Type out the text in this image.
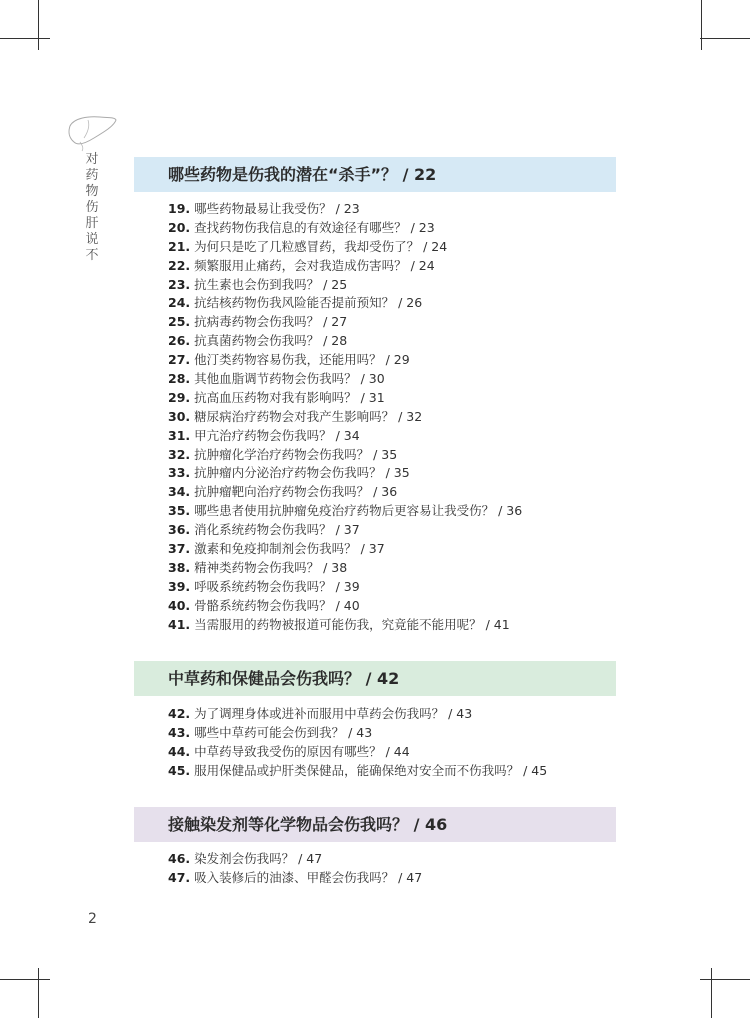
对药物伤肝说不
哪些药物是伤我的潜在“杀手”？ / 22
19. 哪些药物最易让我受伤？ / 23
20. 查找药物伤我信息的有效途径有哪些？ / 23
21. 为何只是吃了几粒感冒药，我却受伤了？ / 24
22. 频繁服用止痛药，会对我造成伤害吗？ / 24
23. 抗生素也会伤到我吗？ / 25
24. 抗结核药物伤我风险能否提前预知？ / 26
25. 抗病毒药物会伤我吗？ / 27
26. 抗真菌药物会伤我吗？ / 28
27. 他汀类药物容易伤我，还能用吗？ / 29
28. 其他血脂调节药物会伤我吗？ / 30
29. 抗高血压药物对我有影响吗？ / 31
30. 糖尿病治疗药物会对我产生影响吗？ / 32
31. 甲亢治疗药物会伤我吗？ / 34
32. 抗肿瘤化学治疗药物会伤我吗？ / 35
33. 抗肿瘤内分泌治疗药物会伤我吗？ / 35
34. 抗肿瘤靶向治疗药物会伤我吗？ / 36
35. 哪些患者使用抗肿瘤免疫治疗药物后更容易让我受伤？ / 36
36. 消化系统药物会伤我吗？ / 37
37. 激素和免疫抑制剂会伤我吗？ / 37
38. 精神类药物会伤我吗？ / 38
39. 呼吸系统药物会伤我吗？ / 39
40. 骨骼系统药物会伤我吗？ / 40
41. 当需服用的药物被报道可能伤我，究竟能不能用呢？ / 41
中草药和保健品会伤我吗？ / 42
42. 为了调理身体或进补而服用中草药会伤我吗？ / 43
43. 哪些中草药可能会伤到我？ / 43
44. 中草药导致我受伤的原因有哪些？ / 44
45. 服用保健品或护肝类保健品，能确保绝对安全而不伤我吗？ / 45
接触染发剂等化学物品会伤我吗？ / 46
46. 染发剂会伤我吗？ / 47
47. 吸入装修后的油漆、甲醛会伤我吗？ / 47
2
